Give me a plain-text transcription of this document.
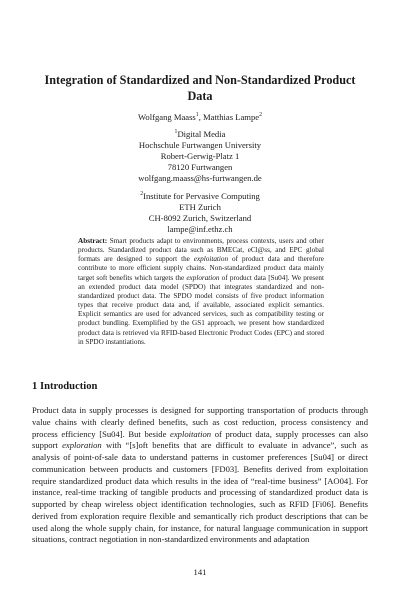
Integration of Standardized and Non-Standardized Product
Data
Wolfgang Maass$^1$, Matthias Lampe$^2$
$^1$Digital Media
Hochschule Furtwangen University
Robert-Gerwig-Platz 1
78120 Furtwangen
wolfgang.maass@hs-furtwangen.de
$^2$Institute for Pervasive Computing
ETH Zurich
CH-8092 Zurich, Switzerland
lampe@inf.ethz.ch
Abstract: Smart products adapt to environments, process contexts, users and other products. Standardized product data such as BMECat, eCl@ss, and EPC global formats are designed to support the exploitation of product data and therefore contribute to more efficient supply chains. Non-standardized product data mainly target soft benefits which targets the exploration of product data [Su04]. We present an extended product data model (SPDO) that integrates standardized and non-standardized product data. The SPDO model consists of five product information types that receive product data and, if available, associated explicit semantics. Explicit semantics are used for advanced services, such as compatibility testing or product bundling. Exemplified by the GS1 approach, we present how standardized product data is retrieved via RFID-based Electronic Product Codes (EPC) and stored in SPDO instantiations.
1 Introduction
Product data in supply processes is designed for supporting transportation of products through value chains with clearly defined benefits, such as cost reduction, process consistency and process efficiency [Su04]. But beside exploitation of product data, supply processes can also support exploration with “[s]oft benefits that are difficult to evaluate in advance”, such as analysis of point-of-sale data to understand patterns in customer preferences [Su04] or direct communication between products and customers [FD03]. Benefits derived from exploitation require standardized product data which results in the idea of “real-time business” [AO04]. For instance, real-time tracking of tangible products and processing of standardized product data is supported by cheap wireless object identification technologies, such as RFID [Fi06]. Benefits derived from exploration require flexible and semantically rich product descriptions that can be used along the whole supply chain, for instance, for natural language communication in support situations, contract negotiation in non-standardized environments and adaptation
141
